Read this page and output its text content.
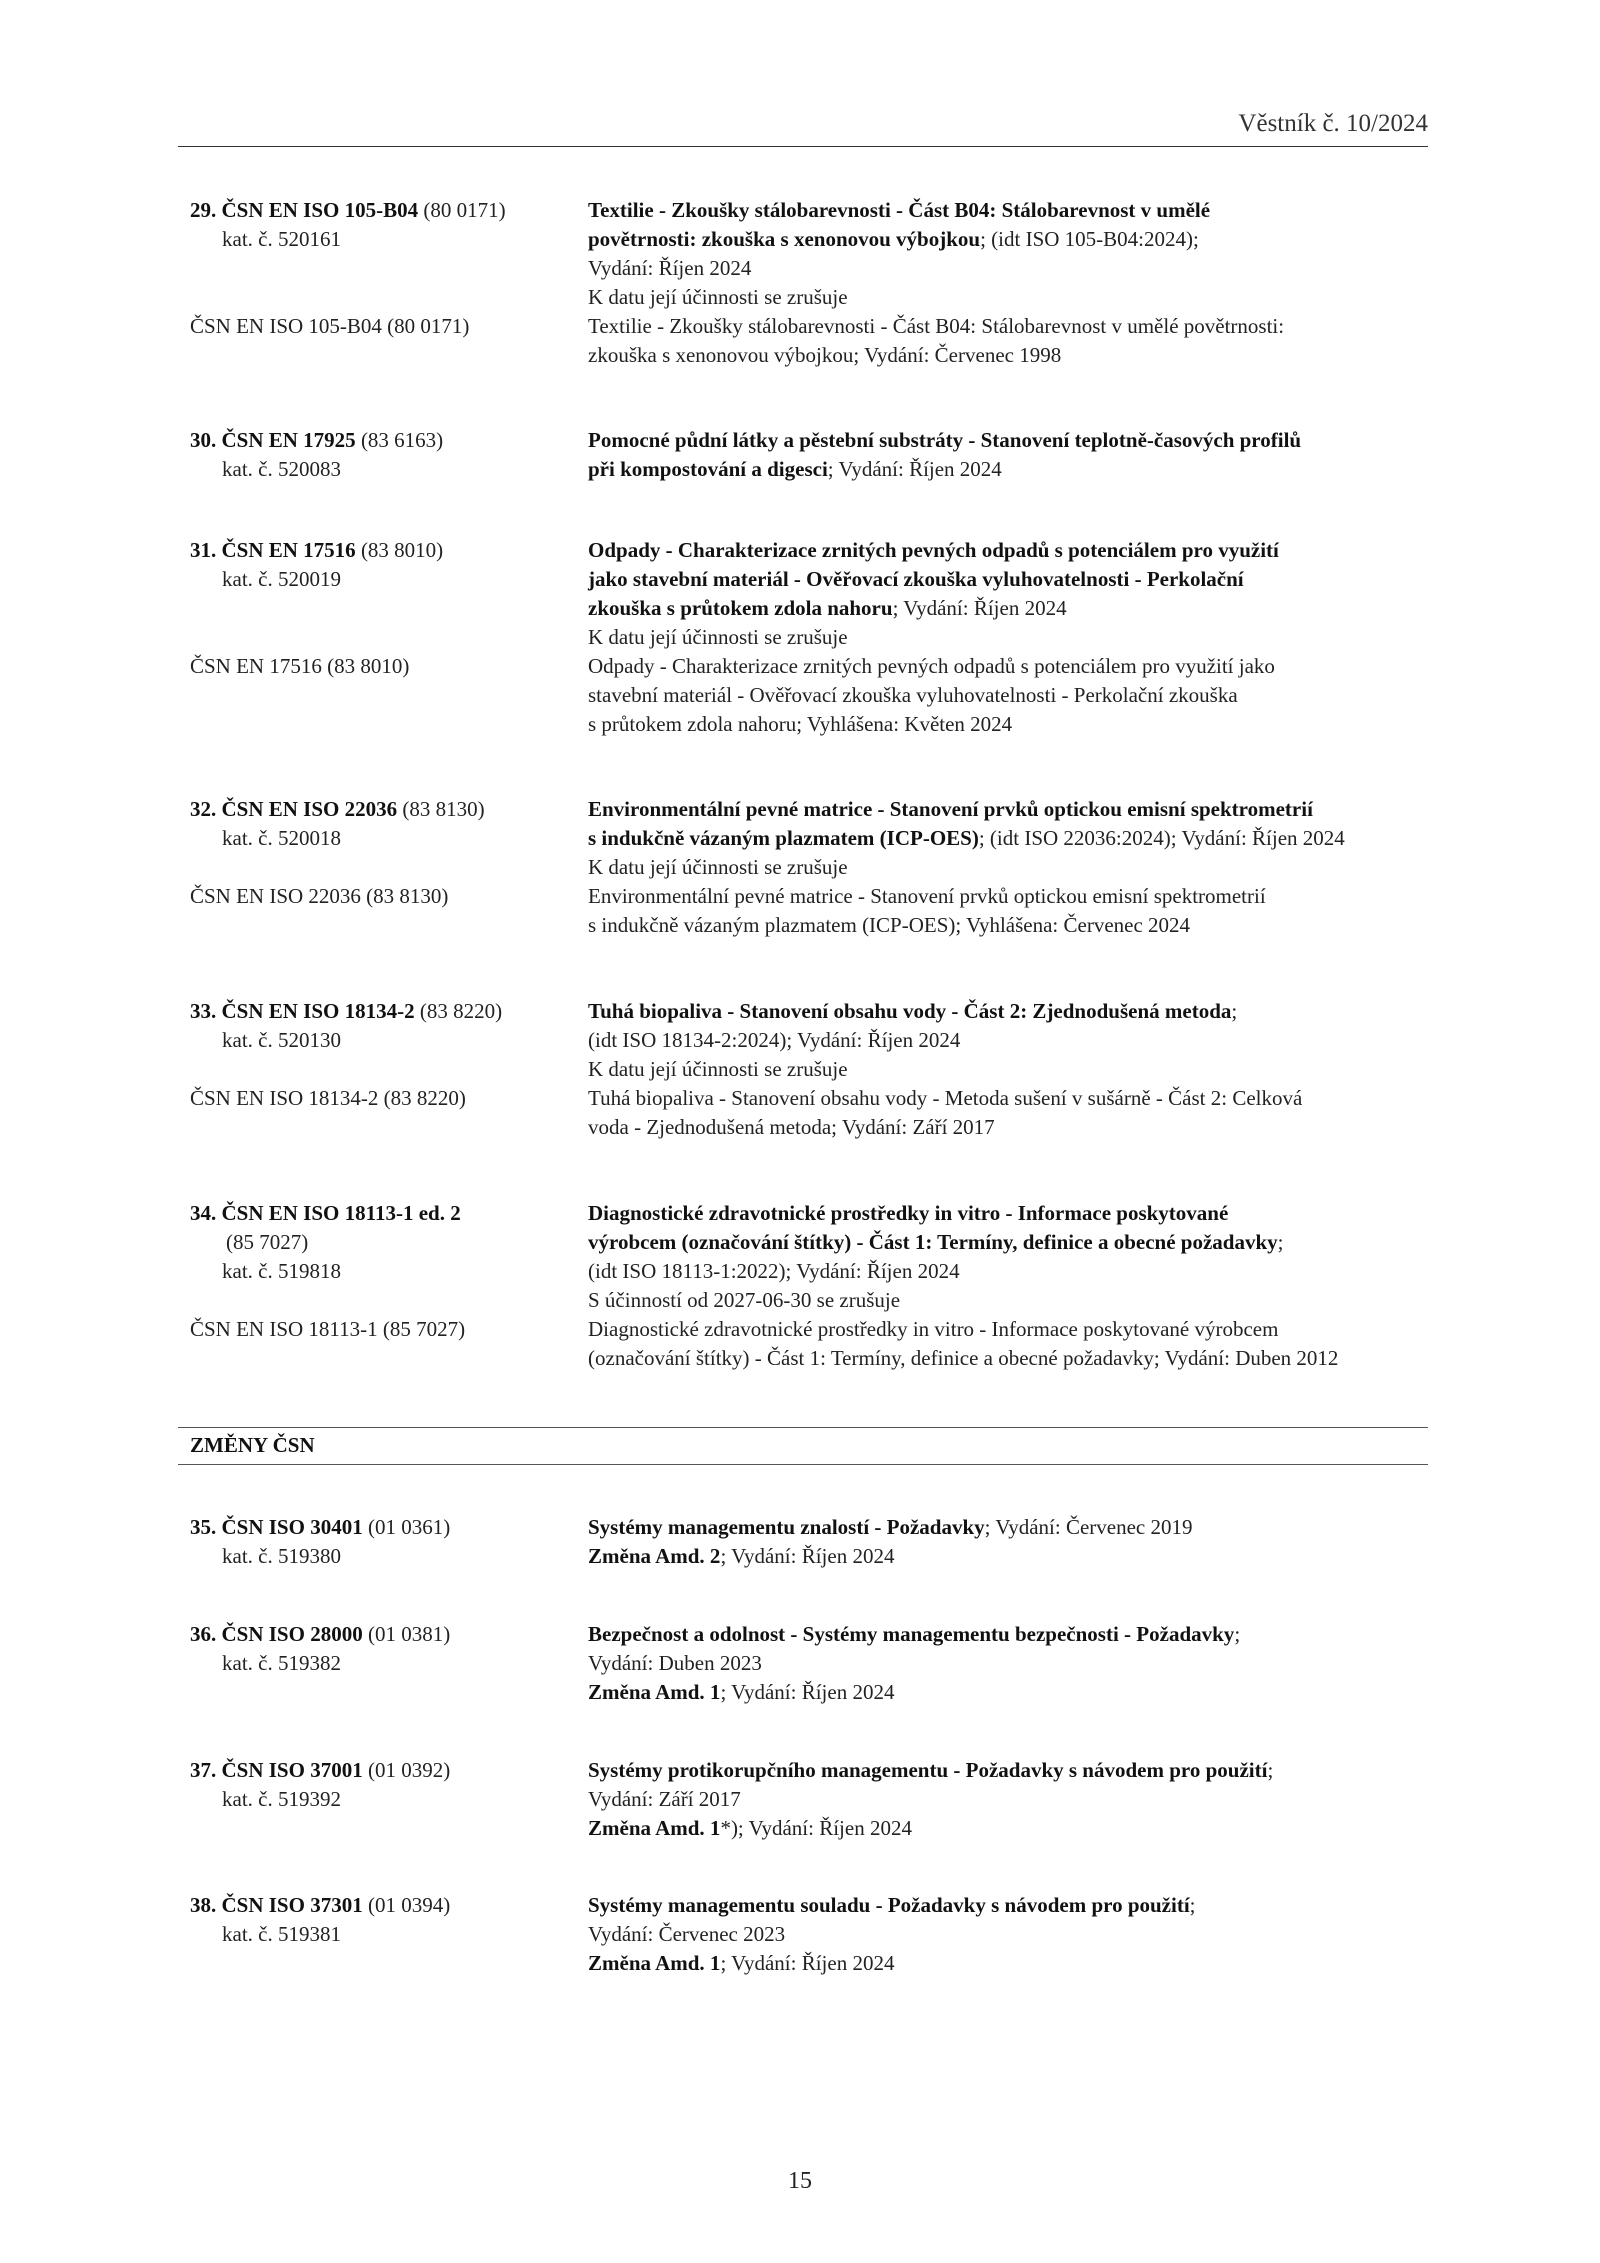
Věstník č. 10/2024
29. ČSN EN ISO 105-B04 (80 0171)
kat. č. 520161
ČSN EN ISO 105-B04 (80 0171)
Textilie - Zkoušky stálobarevnosti - Část B04: Stálobarevnost v umělé
povětrnosti: zkouška s xenonovou výbojkou; (idt ISO 105-B04:2024);
Vydání: Říjen 2024
K datu její účinnosti se zrušuje
Textilie - Zkoušky stálobarevnosti - Část B04: Stálobarevnost v umělé povětrnosti:
zkouška s xenonovou výbojkou; Vydání: Červenec 1998
30. ČSN EN 17925 (83 6163)
kat. č. 520083
Pomocné půdní látky a pěstební substráty - Stanovení teplotně-časových profilů
při kompostování a digesci; Vydání: Říjen 2024
31. ČSN EN 17516 (83 8010)
kat. č. 520019
ČSN EN 17516 (83 8010)
Odpady - Charakterizace zrnitých pevných odpadů s potenciálem pro využití
jako stavební materiál - Ověřovací zkouška vyluhovatelnosti - Perkolační
zkouška s průtokem zdola nahoru; Vydání: Říjen 2024
K datu její účinnosti se zrušuje
Odpady - Charakterizace zrnitých pevných odpadů s potenciálem pro využití jako
stavební materiál - Ověřovací zkouška vyluhovatelnosti - Perkolační zkouška
s průtokem zdola nahoru; Vyhlášena: Květen 2024
32. ČSN EN ISO 22036 (83 8130)
kat. č. 520018
ČSN EN ISO 22036 (83 8130)
Environmentální pevné matrice - Stanovení prvků optickou emisní spektrometrií
s indukčně vázaným plazmatem (ICP-OES); (idt ISO 22036:2024); Vydání: Říjen 2024
K datu její účinnosti se zrušuje
Environmentální pevné matrice - Stanovení prvků optickou emisní spektrometrií
s indukčně vázaným plazmatem (ICP-OES); Vyhlášena: Červenec 2024
33. ČSN EN ISO 18134-2 (83 8220)
kat. č. 520130
ČSN EN ISO 18134-2 (83 8220)
Tuhá biopaliva - Stanovení obsahu vody - Část 2: Zjednodušená metoda;
(idt ISO 18134-2:2024); Vydání: Říjen 2024
K datu její účinnosti se zrušuje
Tuhá biopaliva - Stanovení obsahu vody - Metoda sušení v sušárně - Část 2: Celková
voda - Zjednodušená metoda; Vydání: Září 2017
34. ČSN EN ISO 18113-1 ed. 2
(85 7027)
kat. č. 519818
ČSN EN ISO 18113-1 (85 7027)
Diagnostické zdravotnické prostředky in vitro - Informace poskytované
výrobcem (označování štítky) - Část 1: Termíny, definice a obecné požadavky;
(idt ISO 18113-1:2022); Vydání: Říjen 2024
S účinností od 2027-06-30 se zrušuje
Diagnostické zdravotnické prostředky in vitro - Informace poskytované výrobcem
(označování štítky) - Část 1: Termíny, definice a obecné požadavky; Vydání: Duben 2012
ZMĚNY ČSN
35. ČSN ISO 30401 (01 0361)
kat. č. 519380
Systémy managementu znalostí - Požadavky; Vydání: Červenec 2019
Změna Amd. 2; Vydání: Říjen 2024
36. ČSN ISO 28000 (01 0381)
kat. č. 519382
Bezpečnost a odolnost - Systémy managementu bezpečnosti - Požadavky;
Vydání: Duben 2023
Změna Amd. 1; Vydání: Říjen 2024
37. ČSN ISO 37001 (01 0392)
kat. č. 519392
Systémy protikorupčního managementu - Požadavky s návodem pro použití;
Vydání: Září 2017
Změna Amd. 1*); Vydání: Říjen 2024
38. ČSN ISO 37301 (01 0394)
kat. č. 519381
Systémy managementu souladu - Požadavky s návodem pro použití;
Vydání: Červenec 2023
Změna Amd. 1; Vydání: Říjen 2024
15
